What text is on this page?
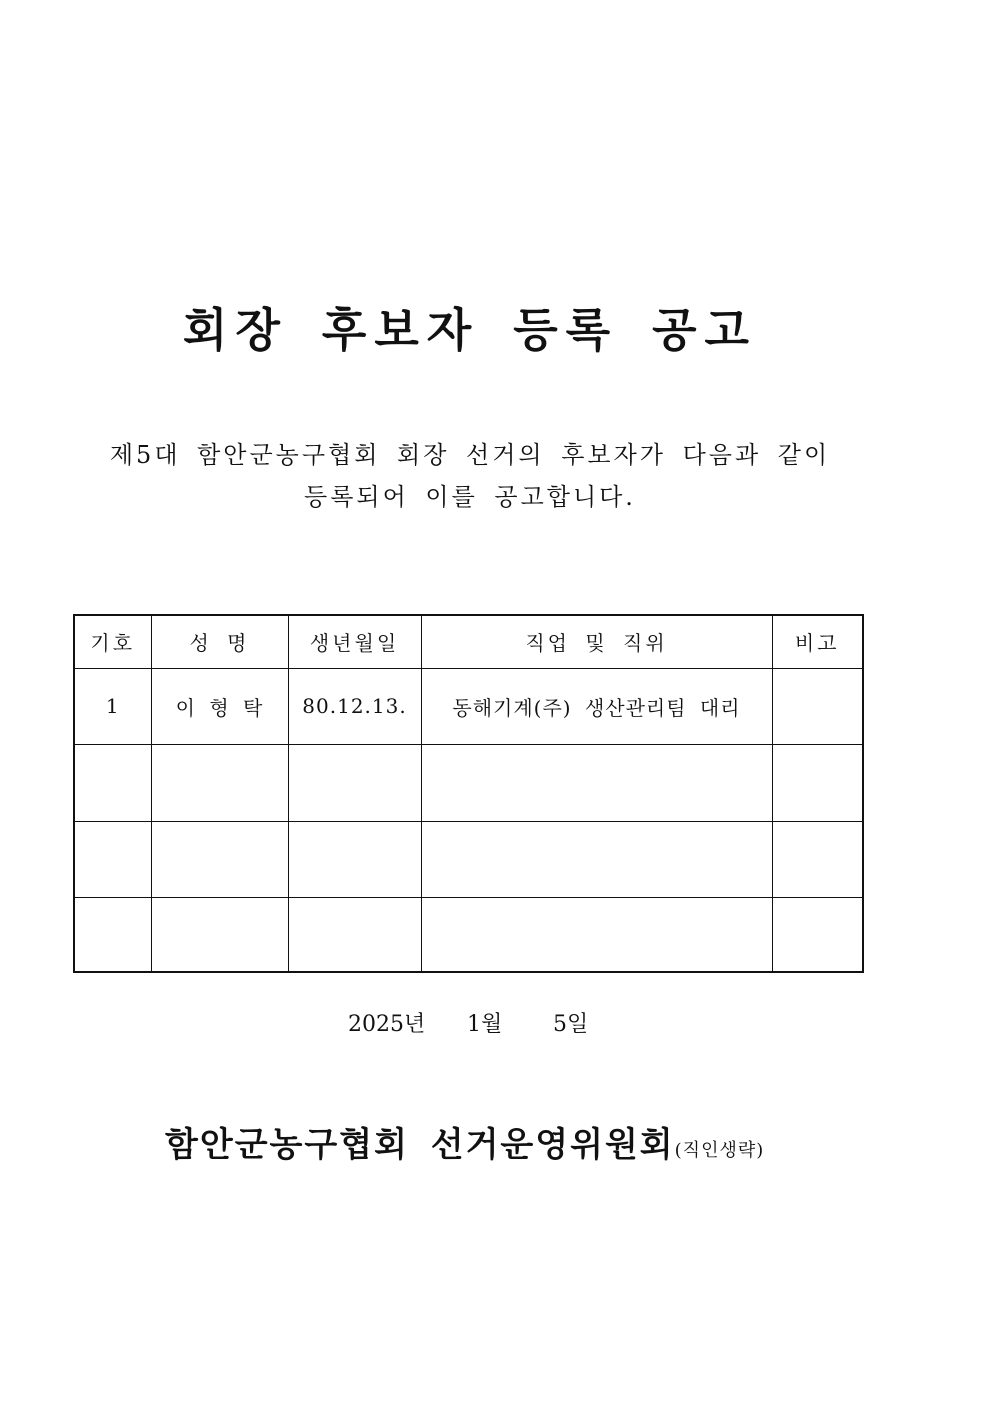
회장 후보자 등록 공고
제5대 함안군농구협회 회장 선거의 후보자가 다음과 같이
등록되어 이를 공고합니다.
기호	성 명	생년월일	직업 및 직위	비고
1	이 형 탁	80.12.13.	동해기계(주) 생산관리팀 대리	

2025년 1월 5일
함안군농구협회 선거운영위원회(직인생략)
